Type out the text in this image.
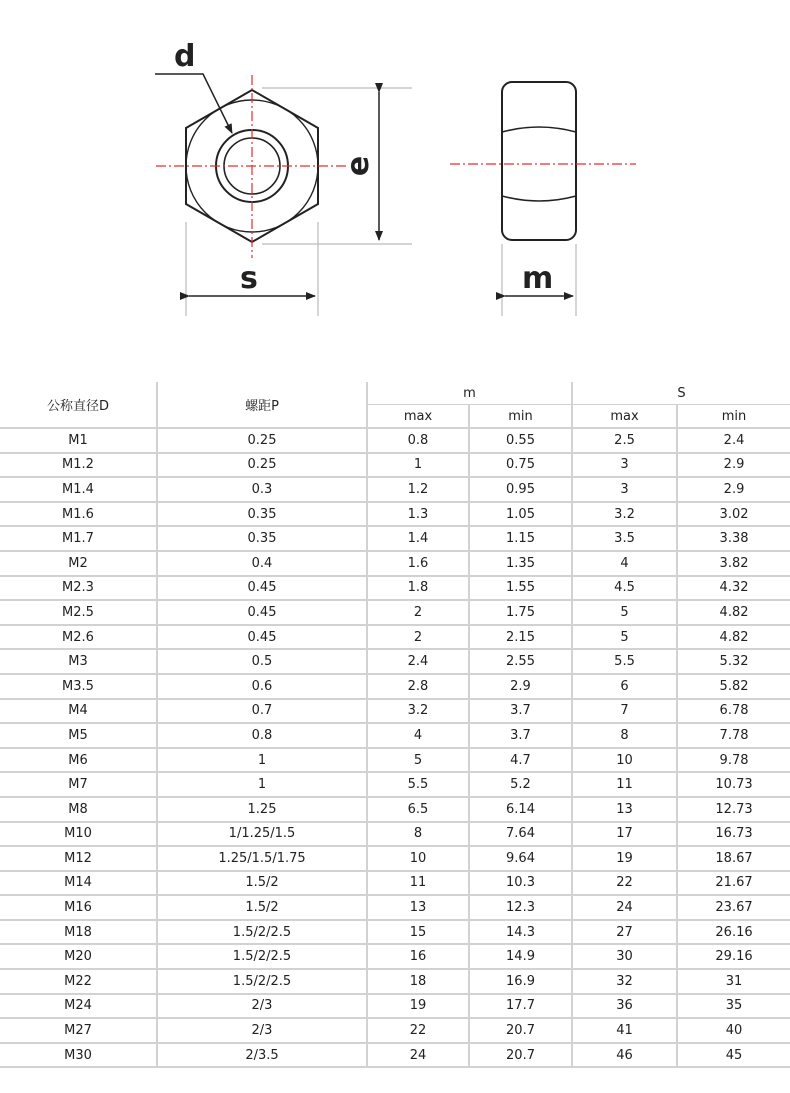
d
e
s	m
公称直径D	螺距P	m		S	
		max	min	max	min
M1	0.25	0.8	0.55	2.5	2.4
M1.2	0.25	1	0.75	3	2.9
M1.4	0.3	1.2	0.95	3	2.9
M1.6	0.35	1.3	1.05	3.2	3.02
M1.7	0.35	1.4	1.15	3.5	3.38
M2	0.4	1.6	1.35	4	3.82
M2.3	0.45	1.8	1.55	4.5	4.32
M2.5	0.45	2	1.75	5	4.82
M2.6	0.45	2	2.15	5	4.82
M3	0.5	2.4	2.55	5.5	5.32
M3.5	0.6	2.8	2.9	6	5.82
M4	0.7	3.2	3.7	7	6.78
M5	0.8	4	3.7	8	7.78
M6	1	5	4.7	10	9.78
M7	1	5.5	5.2	11	10.73
M8	1.25	6.5	6.14	13	12.73
M10	1/1.25/1.5	8	7.64	17	16.73
M12	1.25/1.5/1.75	10	9.64	19	18.67
M14	1.5/2	11	10.3	22	21.67
M16	1.5/2	13	12.3	24	23.67
M18	1.5/2/2.5	15	14.3	27	26.16
M20	1.5/2/2.5	16	14.9	30	29.16
M22	1.5/2/2.5	18	16.9	32	31
M24	2/3	19	17.7	36	35
M27	2/3	22	20.7	41	40
M30	2/3.5	24	20.7	46	45
